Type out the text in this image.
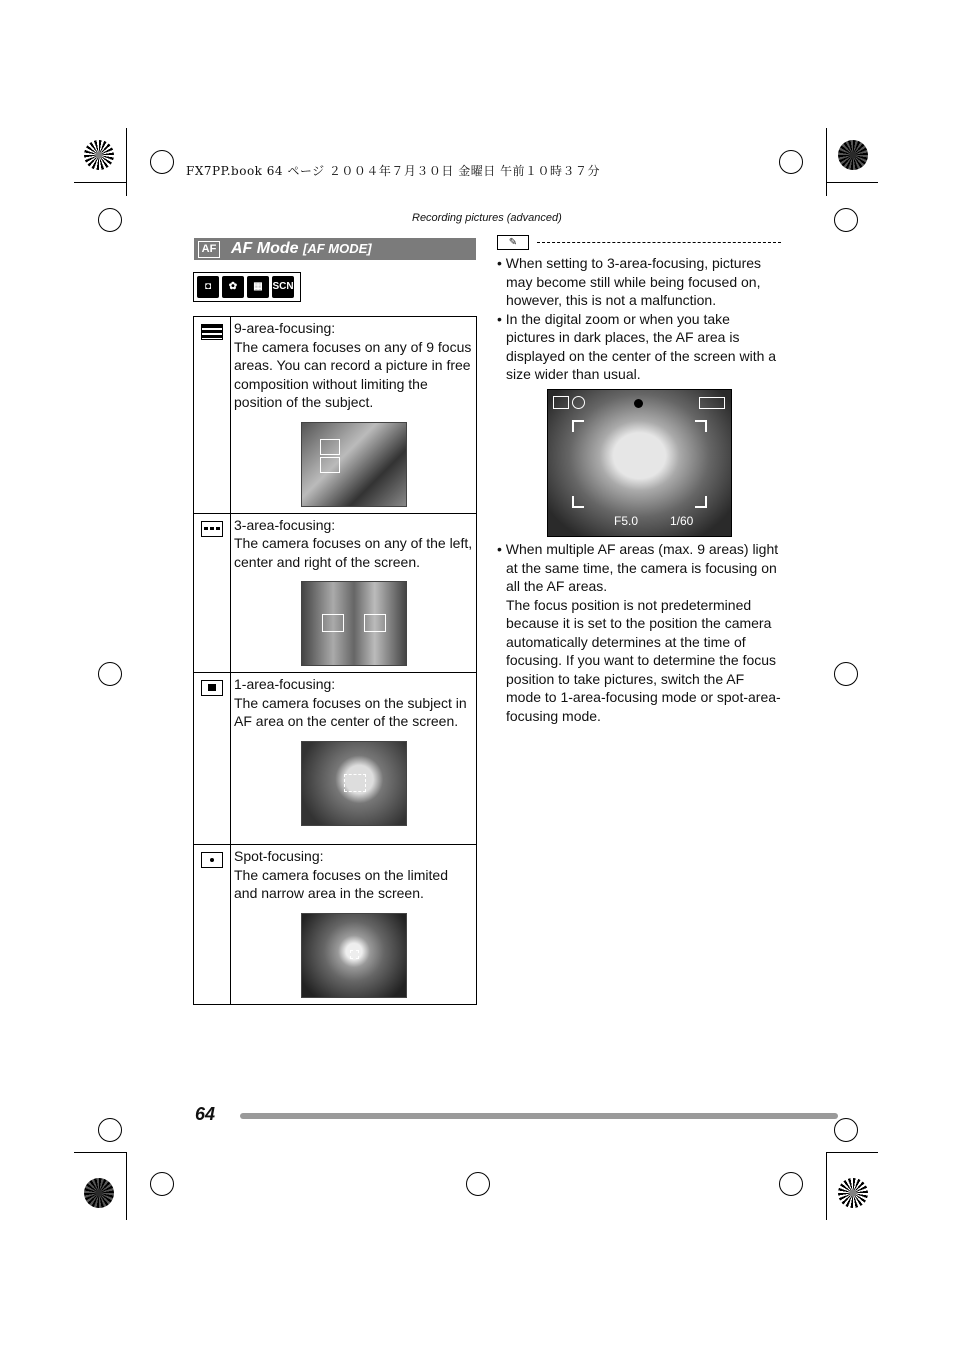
FX7PP.book 64 ページ ２００４年７月３０日 金曜日 午前１０時３７分
Recording pictures (advanced)
AF AF Mode [AF MODE]
◘	✿	▦ SCN

	9-area-focusing:
The camera focuses on any of 9 focus areas. You can record a picture in free composition without limiting the position of the subject.

	3-area-focusing:
The camera focuses on any of the left, center and right of the screen.

	1-area-focusing:
The camera focuses on the subject in AF area on the center of the screen.

	Spot-focusing:
The camera focuses on the limited and narrow area in the screen.
✎

• When setting to 3-area-focusing, pictures may become still while being focused on, however, this is not a malfunction.

• In the digital zoom or when you take pictures in dark places, the AF area is displayed on the center of the screen with a size wider than usual.

F5.0	1/60

• When multiple AF areas (max. 9 areas) light at the same time, the camera is focusing on all the AF areas.

The focus position is not predetermined because it is set to the position the camera automatically determines at the time of focusing. If you want to determine the focus position to take pictures, switch the AF mode to 1-area-focusing mode or spot-area-focusing mode.

64
